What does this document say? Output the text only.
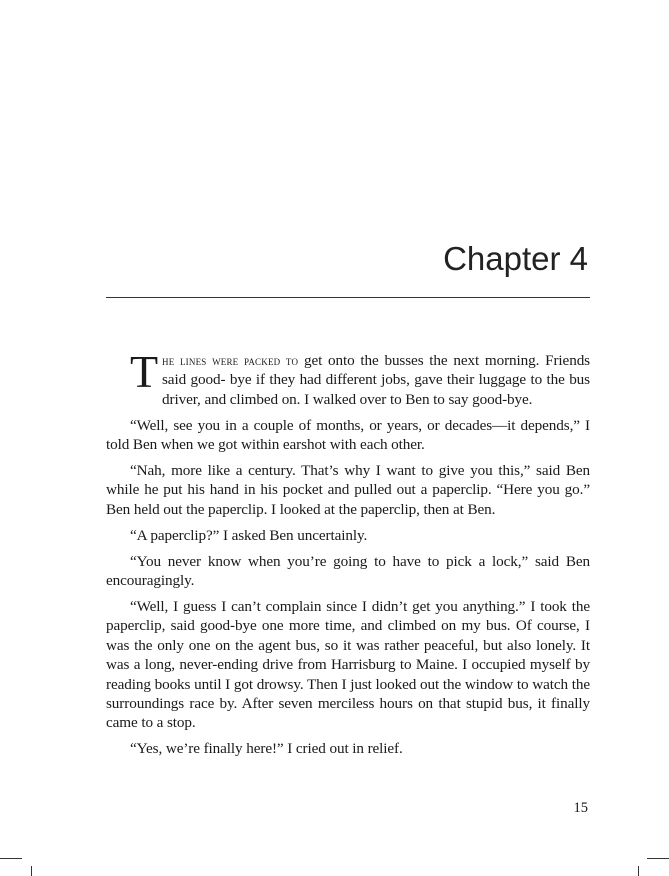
Chapter 4

The lines were packed to get onto the busses the next morning. Friends said good- bye if they had different jobs, gave their luggage to the bus driver, and climbed on. I walked over to Ben to say good-bye.

“Well, see you in a couple of months, or years, or decades—it depends,” I told Ben when we got within earshot with each other.

“Nah, more like a century. That’s why I want to give you this,” said Ben while he put his hand in his pocket and pulled out a paperclip. “Here you go.” Ben held out the paperclip. I looked at the paperclip, then at Ben.

“A paperclip?” I asked Ben uncertainly.

“You never know when you’re going to have to pick a lock,” said Ben encouragingly.

“Well, I guess I can’t complain since I didn’t get you anything.” I took the paperclip, said good-bye one more time, and climbed on my bus. Of course, I was the only one on the agent bus, so it was rather peaceful, but also lonely. It was a long, never-ending drive from Harrisburg to Maine. I occupied myself by reading books until I got drowsy. Then I just looked out the window to watch the surroundings race by. After seven merciless hours on that stupid bus, it finally came to a stop.

“Yes, we’re finally here!” I cried out in relief.

15
